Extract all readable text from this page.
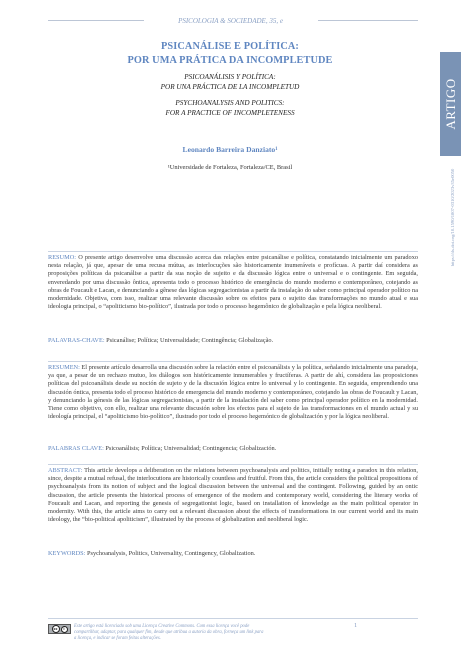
PSICOLOGIA & SOCIEDADE, 35, e
PSICANÁLISE E POLÍTICA:
POR UMA PRÁTICA DA INCOMPLETUDE
PSICOANÁLISIS Y POLÍTICA:
POR UNA PRÁCTICA DE LA INCOMPLETUD
PSYCHOANALYSIS AND POLITICS:
FOR A PRACTICE OF INCOMPLETENESS
Leonardo Barreira Danziato¹
¹Universidade de Fortaleza, Fortaleza/CE, Brasil
ARTIGO
https://dx.doi.org/10.1590/1807-0310/2023v35e0050
RESUMO: O presente artigo desenvolve uma discussão acerca das relações entre psicanálise e política, constatando inicialmente um paradoxo nesta relação, já que, apesar de uma recusa mútua, as interlocuções são historicamente inumeráveis e profícuas. A partir daí considera as proposições políticas da psicanálise a partir da sua noção de sujeito e da discussão lógica entre o universal e o contingente. Em seguida, enveredando por uma discussão ôntica, apresenta todo o processo histórico de emergência do mundo moderno e contemporâneo, cotejando as obras de Foucault e Lacan, e denunciando a gênese das lógicas segregacionistas a partir da instalação do saber como principal operador político na modernidade. Objetiva, com isso, realizar uma relevante discussão sobre os efeitos para o sujeito das transformações no mundo atual e sua ideologia principal, o “apoliticismo bio-político”, ilustrada por todo o processo hegemônico de globalização e pela lógica neoliberal.
PALAVRAS-CHAVE: Psicanálise; Política; Universalidade; Contingência; Globalização.
RESUMEN: El presente artículo desarrolla una discusión sobre la relación entre el psicoanálisis y la política, señalando inicialmente una paradoja, ya que, a pesar de un rechazo mutuo, los diálogos son históricamente innumerables y fructíferas. A partir de ahí, considera las proposiciones políticas del psicoanálisis desde su noción de sujeto y de la discusión lógica entre lo universal y lo contingente. En seguida, emprendiendo una discusión óntica, presenta todo el proceso histórico de emergencia del mundo moderno y contemporáneo, cotejando las obras de Foucault y Lacan, y denunciando la génesis de las lógicas segregacionistas, a partir de la instalación del saber como principal operador político en la modernidad. Tiene como objetivo, con ello, realizar una relevante discusión sobre los efectos para el sujeto de las transformaciones en el mundo actual y su ideología principal, el “apoliticismo bio-político”, ilustrado por todo el proceso hegemónico de globalización y por la lógica neoliberal.
PALABRAS CLAVE: Psicoanálisis; Política; Universalidad; Contingencia; Globalización.
ABSTRACT: This article develops a deliberation on the relations between psychoanalysis and politics, initially noting a paradox in this relation, since, despite a mutual refusal, the interlocutions are historically countless and fruitful. From this, the article considers the political propositions of psychoanalysis from its notion of subject and the logical discussion between the universal and the contingent. Following, guided by an ontic discussion, the article presents the historical process of emergence of the modern and contemporary world, considering the literary works of Foucault and Lacan, and reporting the genesis of segregationist logic, based on installation of knowledge as the main political operator in modernity. With this, the article aims to carry out a relevant discussion about the effects of transformations in our current world and its main ideology, the “bio-political apoliticism”, illustrated by the process of globalization and neoliberal logic.
KEYWORDS: Psychoanalysis, Politics, Universality, Contingency, Globalization.
cc	i	Este artigo está licenciado sob uma Licença Creative Commons. Com essa licença você pode compartilhar, adaptar, para qualquer fim, desde que atribua a autoria da obra, forneça um link para a licença, e indicar se foram feitas alterações.
1
